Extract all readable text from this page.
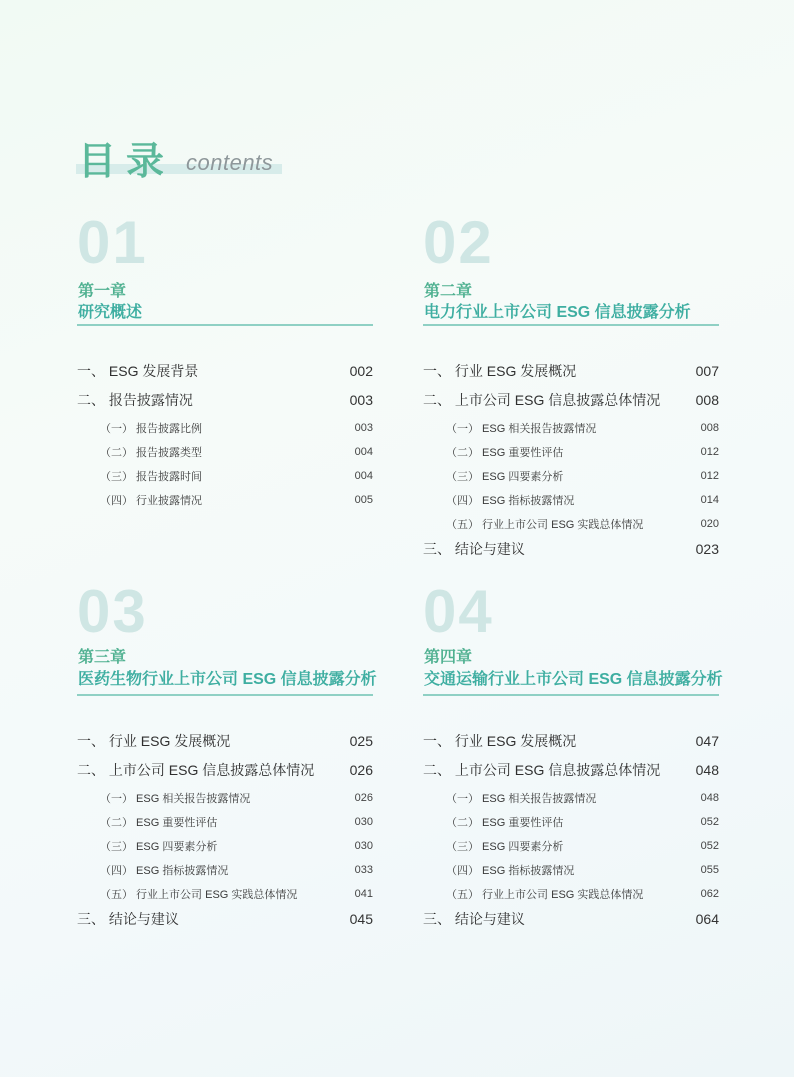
目录 contents
01
第一章
研究概述
一、 ESG 发展背景	002
二、 报告披露情况	003
（一） 报告披露比例	003
（二） 报告披露类型	004
（三） 报告披露时间	004
（四） 行业披露情况	005
02
第二章
电力行业上市公司 ESG 信息披露分析
一、 行业 ESG 发展概况	007
二、 上市公司 ESG 信息披露总体情况	008
（一） ESG 相关报告披露情况	008
（二） ESG 重要性评估	012
（三） ESG 四要素分析	012
（四） ESG 指标披露情况	014
（五） 行业上市公司 ESG 实践总体情况	020
三、 结论与建议	023
03
第三章
医药生物行业上市公司 ESG 信息披露分析
一、 行业 ESG 发展概况	025
二、 上市公司 ESG 信息披露总体情况	026
（一） ESG 相关报告披露情况	026
（二） ESG 重要性评估	030
（三） ESG 四要素分析	030
（四） ESG 指标披露情况	033
（五） 行业上市公司 ESG 实践总体情况	041
三、 结论与建议	045
04
第四章
交通运输行业上市公司 ESG 信息披露分析
一、 行业 ESG 发展概况	047
二、 上市公司 ESG 信息披露总体情况	048
（一） ESG 相关报告披露情况	048
（二） ESG 重要性评估	052
（三） ESG 四要素分析	052
（四） ESG 指标披露情况	055
（五） 行业上市公司 ESG 实践总体情况	062
三、 结论与建议	064
